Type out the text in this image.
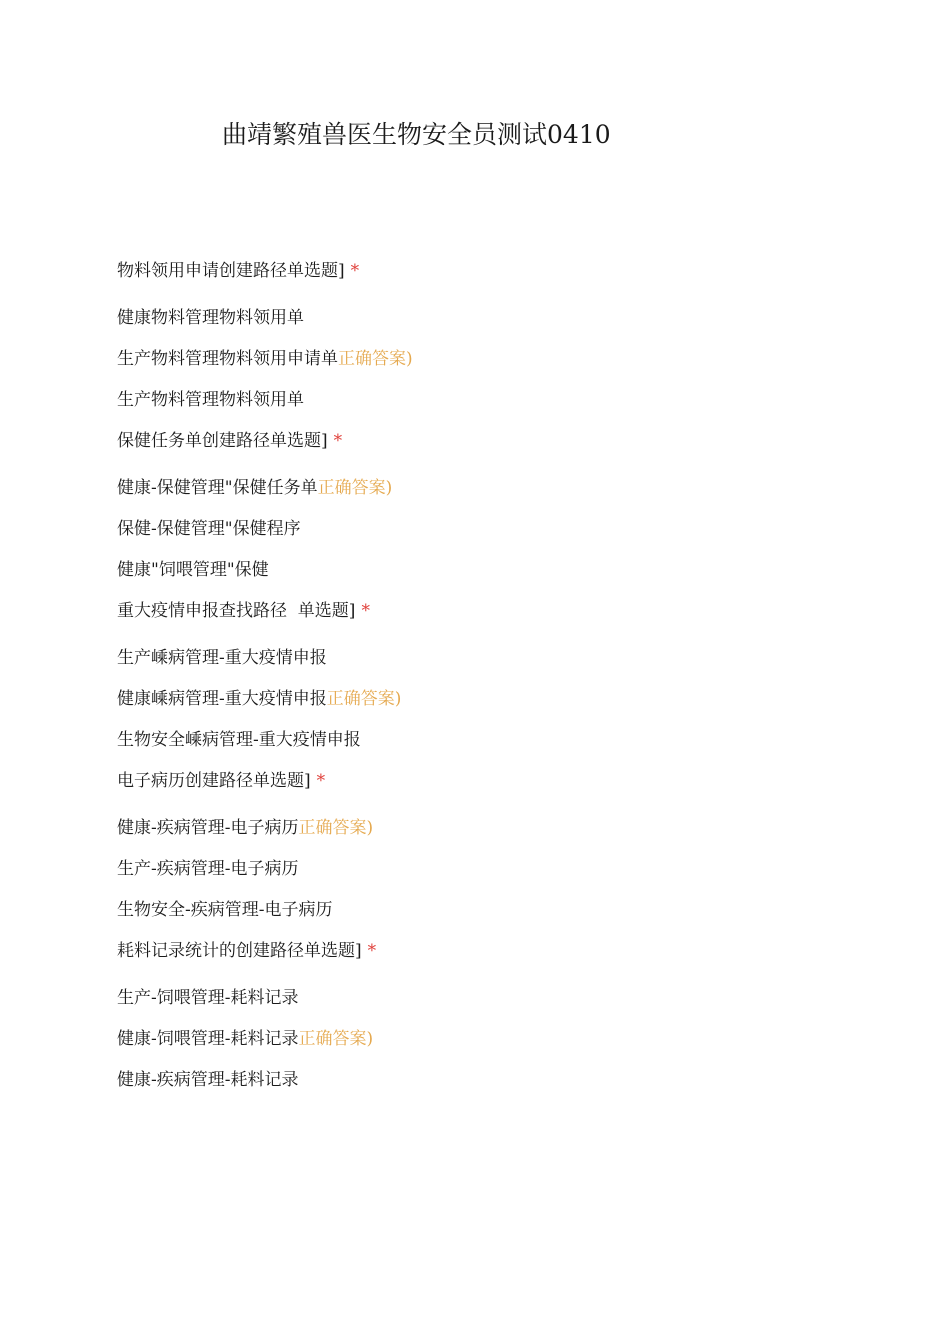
曲靖繁殖兽医生物安全员测试0410
物料领用申请创建路径单选题] *
健康物料管理物料领用单
生产物料管理物料领用申请单正确答案)
生产物料管理物料领用单
保健任务单创建路径单选题] *
健康-保健管理"保健任务单正确答案)
保健-保健管理"保健程序
健康"饲喂管理"保健
重大疫情申报查找路径  单选题] *
生产嵊病管理-重大疫情申报
健康嵊病管理-重大疫情申报正确答案)
生物安全嵊病管理-重大疫情申报
电子病历创建路径单选题] *
健康-疾病管理-电子病历正确答案)
生产-疾病管理-电子病历
生物安全-疾病管理-电子病历
耗料记录统计的创建路径单选题] *
生产-饲喂管理-耗料记录
健康-饲喂管理-耗料记录正确答案)
健康-疾病管理-耗料记录
